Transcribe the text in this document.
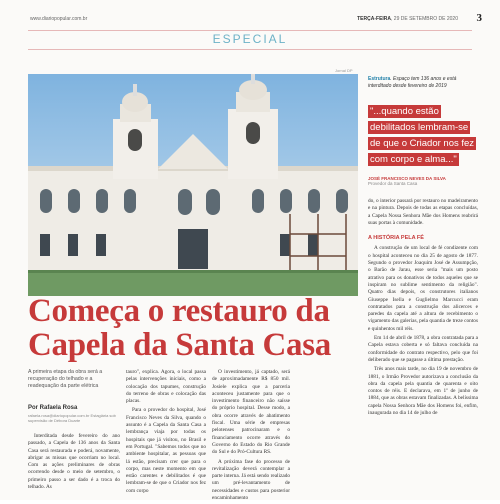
www.diariopopular.com.br	TERÇA-FEIRA, 29 DE SETEMBRO DE 2020 3
ESPECIAL
Jornal DP
Estrutura. Espaço tem 136 anos e está interditado desde fevereiro de 2019
"...quando estão debilitados lembram-se de que o Criador nos fez com corpo e alma..."
JOSÉ FRANCISCO NEVES DA SILVA
Provedor da Santa Casa

do, o interior passará por restauro no madeiramento e na pintura. Depois de todas as etapas concluídas, a Capela Nossa Senhora Mãe dos Homens reabrirá suas portas à comunidade.

A HISTÓRIA PELA FÉ

A construção de um local de fé condizente com o hospital aconteceu no dia 25 de agosto de 1877. Segundo o provedor Joaquim José de Assumpção, o Barão de Jarau, esse seria "mais um posto atrativo para os donativos de todos aqueles que se inspiram no sublime sentimento da religião". Quatro dias depois, os construtores italianos Giuseppe Isella e Guglielmo Marcucci eram contratados para a construção dos alicerces e paredes da capela até a altura de recebimento o vigamento das galerias, pela quantia de treze contos e quinhentos mil réis.

Em 14 de abril de 1878, a obra contratada para a Capela estava coberta e só faltava concluída na conformidade do contrato respectivo, pelo que foi deliberado que se pagasse a última prestação.

Três anos mais tarde, no dia 19 de novembro de 1881, o Irmão Provedor autorizava a conclusão da obra da capela pela quantia de quarenta e oito contos de réis. E declarava, em 1º de junho de 1884, que as obras estavam finalizadas. A belíssima capela Nossa Senhora Mãe dos Homens foi, enfim, inaugurada no dia 14 de julho de

Começa o restauro da Capela da Santa Casa
A primeira etapa da obra será a recuperação do telhado e a readequação da parte elétrica
Por Rafaela Rosa
rafaela.rosa@diariopopular.com.br Estagiária sob supervisão de Débora Duarte

Interditada desde fevereiro do ano passado, a Capela de 136 anos da Santa Casa será restaurada e poderá, novamente, abrigar as missas que ocorriam no local. Com as ações preliminares de obras ocorrendo desde o meio de setembro, o primeiro passo a ser dado é a troca do telhado. As

tauro", explica. Agora, o local passa pelas intervenções iniciais, como a colocação dos tapumes, construção do terreno de obras e colocação das placas.

Para o provedor do hospital, José Francisco Neves da Silva, quando o assunto é a Capela da Santa Casa a lembrança viaja por todas os hospitais que já visitou, no Brasil e em Portugal. "Sabemos todos que no ambiente hospitalar, as pessoas que lá estão, precisam crer que para o corpo, mas neste momento em que estão carentes e debilitados é que lembram-se de que o Criador nos fez com corpo

O investimento, já captado, será de aproximadamente R$ 850 mil. Josiele explica que a parceria aconteceu justamente para que o investimento financeiro não saísse do próprio hospital. Desse modo, a obra ocorre através de abatimento fiscal. Uma série de empresas pelotenses patrocinaram e o financiamento ocorre através do Governo do Estado do Rio Grande do Sul e do Pró-Cultura RS.

A próxima fase do processo de revitalização deverá contemplar a parte interna. Já está sendo realizado um pré-levantamento de necessidades e custos para posterior encaminhamento
